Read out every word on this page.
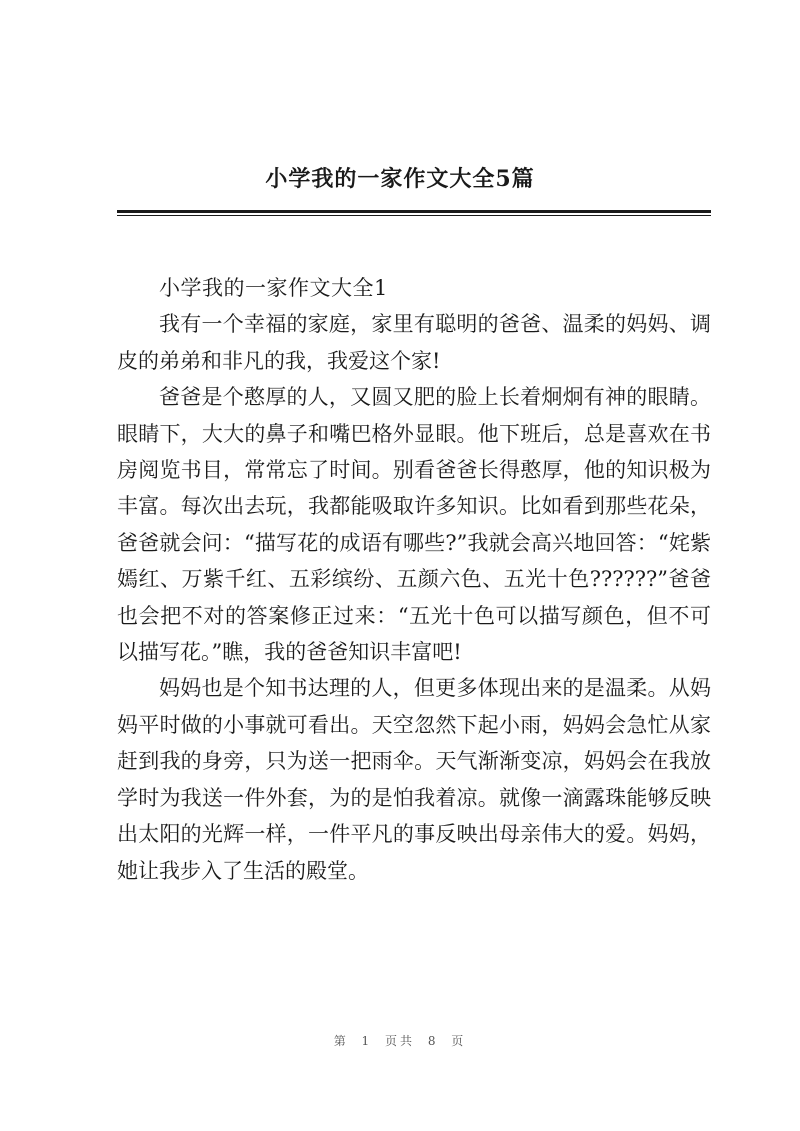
小学我的一家作文大全5篇

小学我的一家作文大全1

我有一个幸福的家庭，家里有聪明的爸爸、温柔的妈妈、调皮的弟弟和非凡的我，我爱这个家!

爸爸是个憨厚的人，又圆又肥的脸上长着炯炯有神的眼睛。眼睛下，大大的鼻子和嘴巴格外显眼。他下班后，总是喜欢在书房阅览书目，常常忘了时间。别看爸爸长得憨厚，他的知识极为丰富。每次出去玩，我都能吸取许多知识。比如看到那些花朵，爸爸就会问：“描写花的成语有哪些?”我就会高兴地回答：“姹紫嫣红、万紫千红、五彩缤纷、五颜六色、五光十色??????”爸爸也会把不对的答案修正过来：“五光十色可以描写颜色，但不可以描写花。”瞧，我的爸爸知识丰富吧!

妈妈也是个知书达理的人，但更多体现出来的是温柔。从妈妈平时做的小事就可看出。天空忽然下起小雨，妈妈会急忙从家赶到我的身旁，只为送一把雨伞。天气渐渐变凉，妈妈会在我放学时为我送一件外套，为的是怕我着凉。就像一滴露珠能够反映出太阳的光辉一样，一件平凡的事反映出母亲伟大的爱。妈妈，她让我步入了生活的殿堂。

第 1 页共 8 页
